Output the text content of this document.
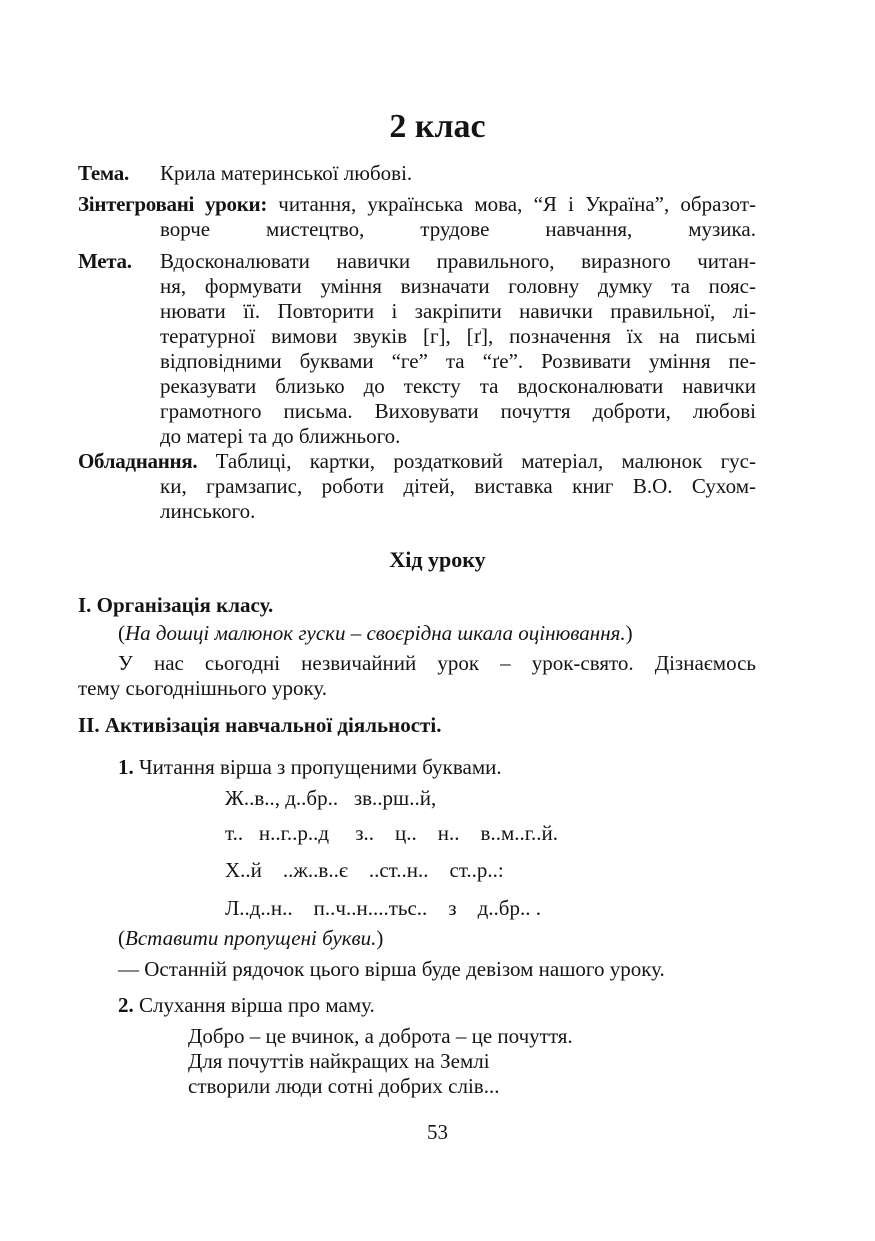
2 клас
Тема. Крила материнської любові.
Зінтегровані уроки: читання, українська мова, “Я і Україна”, образот-
ворче мистецтво, трудове навчання, музика.
Мета. Вдосконалювати навички правильного, виразного читан-
ня, формувати уміння визначати головну думку та пояс-
нювати її. Повторити і закріпити навички правильної, лі-
тературної вимови звуків [г], [ґ], позначення їх на письмі
відповідними буквами “ге” та “ґе”. Розвивати уміння пе-
реказувати близько до тексту та вдосконалювати навички
грамотного письма. Виховувати почуття доброти, любові
до матері та до ближнього.
Обладнання. Таблиці, картки, роздатковий матеріал, малюнок гус-
ки, грамзапис, роботи дітей, виставка книг В.О. Сухом-
линського.
Хід уроку
І. Організація класу.
(На дошці малюнок гуски – своєрідна шкала оцінювання.)
У нас сьогодні незвичайний урок – урок-свято. Дізнаємось
тему сьогоднішнього уроку.
ІІ. Активізація навчальної діяльності.
1. Читання вірша з пропущеними буквами.
Ж..в.., д..бр..   зв..рш..й,
т..   н..г..р..д     з..    ц..    н..    в..м..г..й.
Х..й    ..ж..в..є    ..ст..н..    ст..р..:
Л..д..н..    п..ч..н....тьс..    з    д..бр.. .
(Вставити пропущені букви.)
— Останній рядочок цього вірша буде девізом нашого уроку.
2. Слухання вірша про маму.
Добро – це вчинок, а доброта – це почуття.
Для почуттів найкращих на Землі
створили люди сотні добрих слів...
53
